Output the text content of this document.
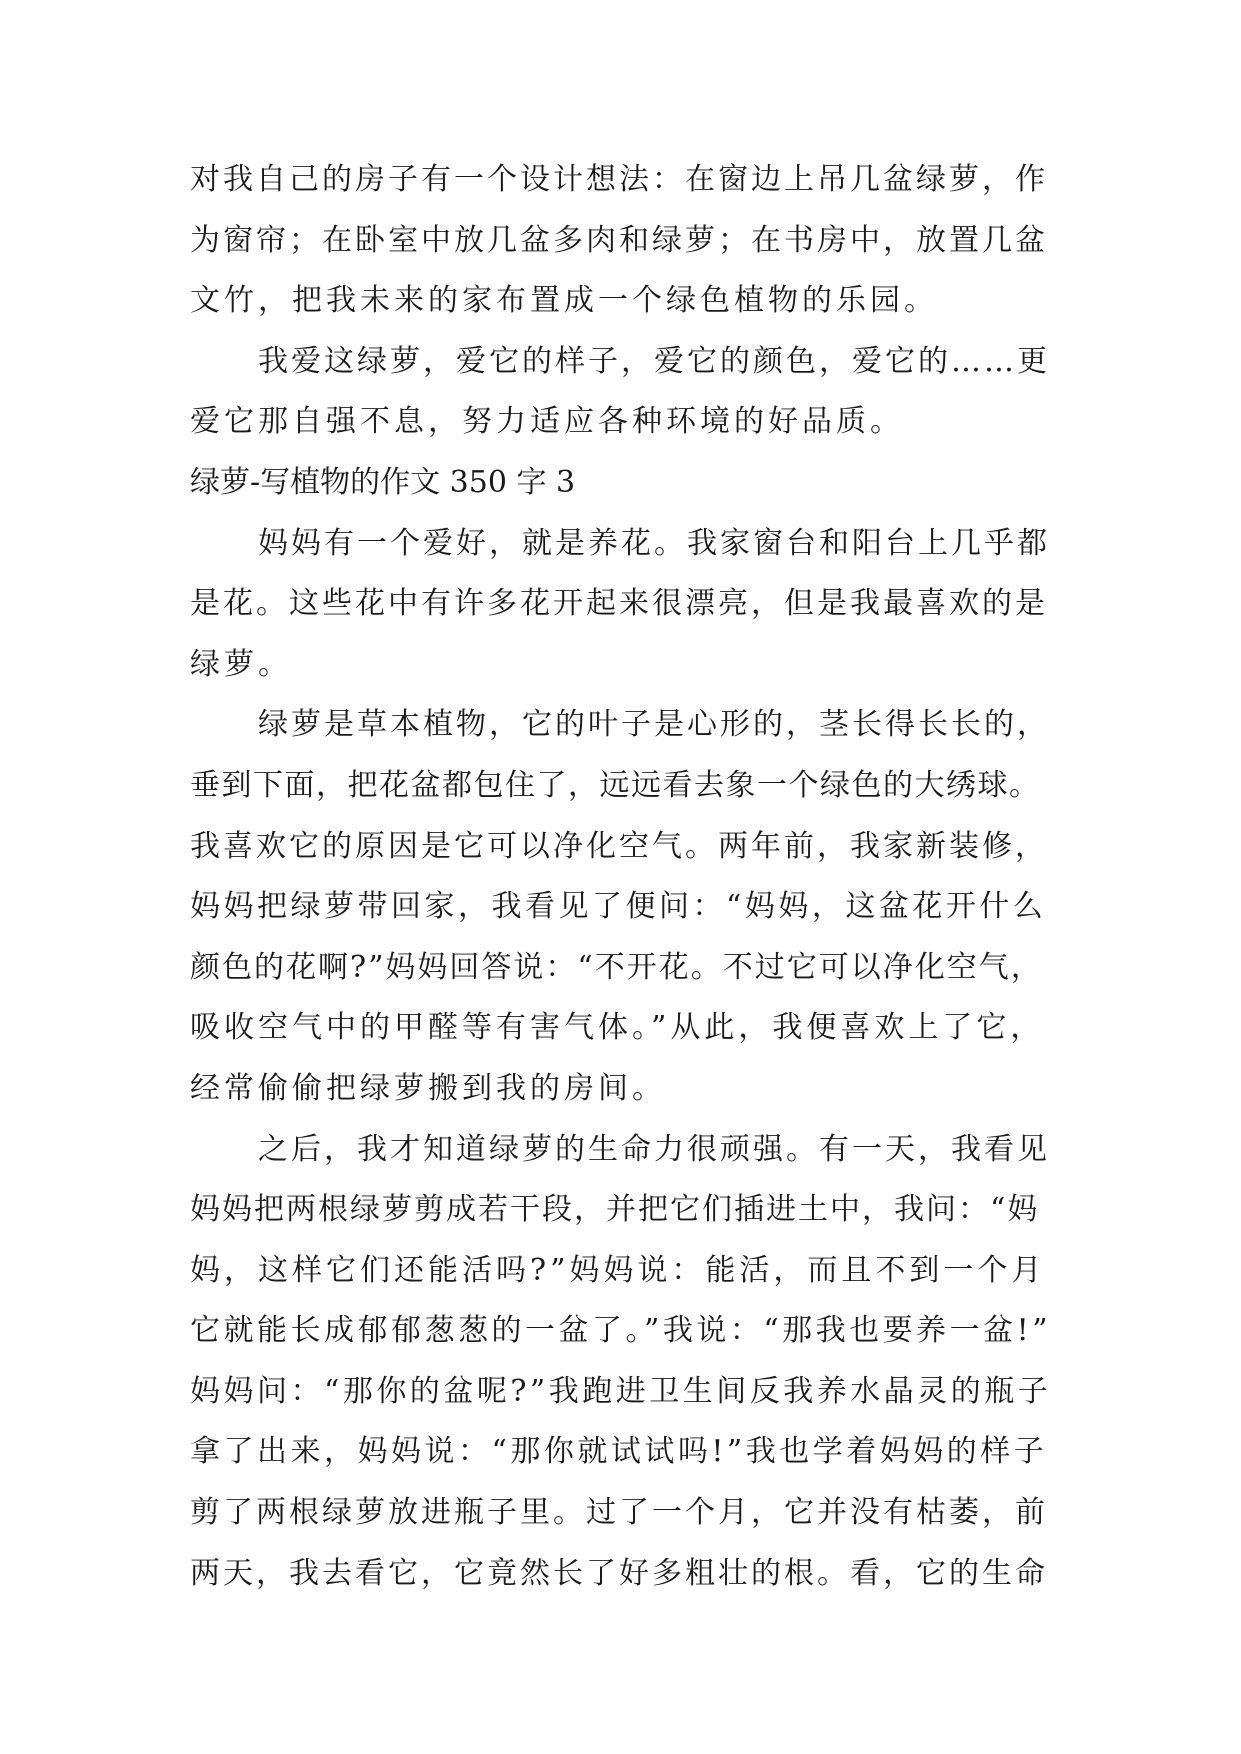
对我自己的房子有一个设计想法：在窗边上吊几盆绿萝，作
为窗帘；在卧室中放几盆多肉和绿萝；在书房中，放置几盆
文竹，把我未来的家布置成一个绿色植物的乐园。
我爱这绿萝，爱它的样子，爱它的颜色，爱它的……更
爱它那自强不息，努力适应各种环境的好品质。
绿萝-写植物的作文 350 字 3
妈妈有一个爱好，就是养花。我家窗台和阳台上几乎都
是花。这些花中有许多花开起来很漂亮，但是我最喜欢的是
绿萝。
绿萝是草本植物，它的叶子是心形的，茎长得长长的，
垂到下面，把花盆都包住了，远远看去象一个绿色的大绣球。
我喜欢它的原因是它可以净化空气。两年前，我家新装修，
妈妈把绿萝带回家，我看见了便问：“妈妈，这盆花开什么
颜色的花啊?”妈妈回答说：“不开花。不过它可以净化空气，
吸收空气中的甲醛等有害气体。”从此，我便喜欢上了它，
经常偷偷把绿萝搬到我的房间。
之后，我才知道绿萝的生命力很顽强。有一天，我看见
妈妈把两根绿萝剪成若干段，并把它们插进土中，我问：“妈
妈，这样它们还能活吗?”妈妈说：能活，而且不到一个月
它就能长成郁郁葱葱的一盆了。”我说：“那我也要养一盆!”
妈妈问：“那你的盆呢?”我跑进卫生间反我养水晶灵的瓶子
拿了出来，妈妈说：“那你就试试吗!”我也学着妈妈的样子
剪了两根绿萝放进瓶子里。过了一个月，它并没有枯萎，前
两天，我去看它，它竟然长了好多粗壮的根。看，它的生命
